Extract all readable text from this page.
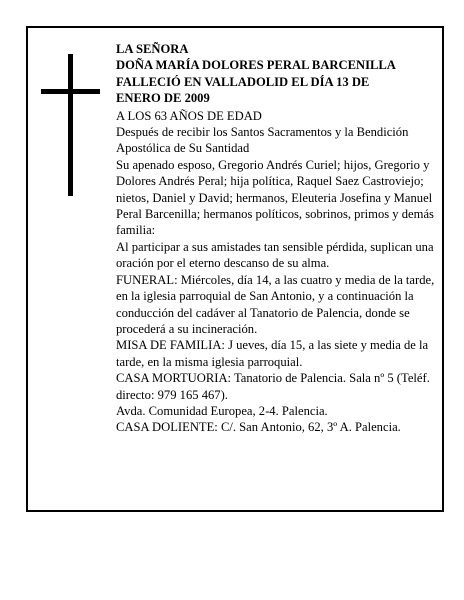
LA SEÑORA

DOÑA MARÍA DOLORES PERAL BARCENILLA

FALLECIÓ EN VALLADOLID EL DÍA 13 DE

ENERO DE 2009

A LOS 63 AÑOS DE EDAD

Después de recibir los Santos Sacramentos y la Bendición Apostólica de Su Santidad

Su apenado esposo, Gregorio Andrés Curiel; hijos, Gregorio y Dolores Andrés Peral; hija política, Raquel Saez Castroviejo; nietos, Daniel y David; hermanos, Eleuteria Josefina y Manuel Peral Barcenilla; hermanos políticos, sobrinos, primos y demás familia:

Al participar a sus amistades tan sensible pérdida, suplican una oración por el eterno descanso de su alma.

FUNERAL: Miércoles, día 14, a las cuatro y media de la tarde, en la iglesia parroquial de San Antonio, y a continuación la conducción del cadáver al Tanatorio de Palencia, donde se procederá a su incineración.

MISA DE FAMILIA: J ueves, día 15, a las siete y media de la tarde, en la misma iglesia parroquial.

CASA MORTUORIA: Tanatorio de Palencia. Sala nº 5 (Teléf. directo: 979 165 467).

Avda. Comunidad Europea, 2-4. Palencia.

CASA DOLIENTE: C/. San Antonio, 62, 3º A. Palencia.
